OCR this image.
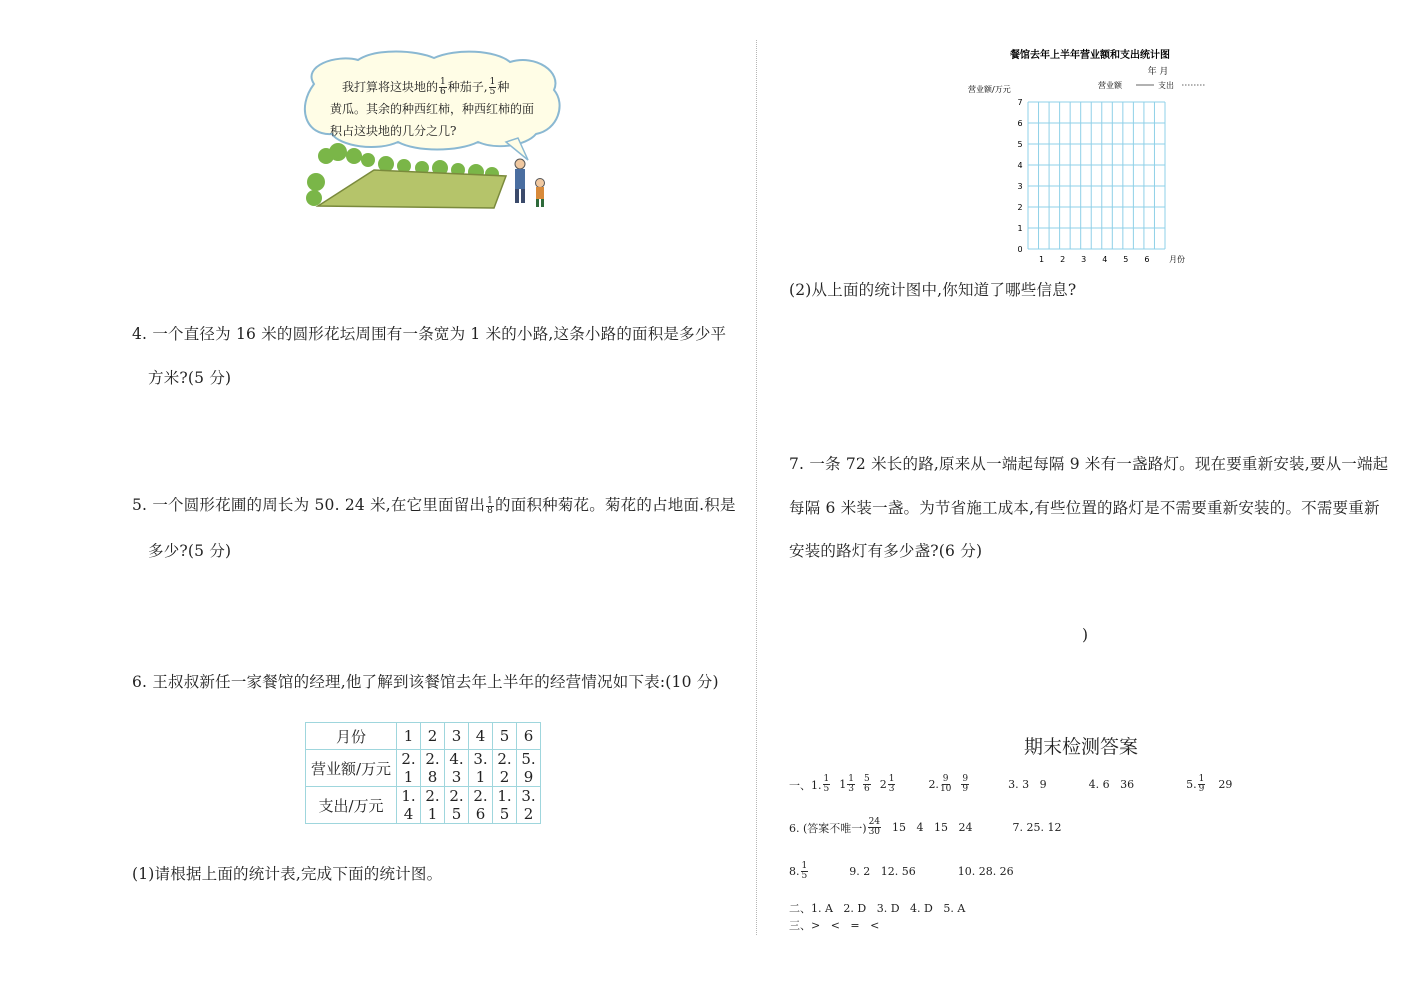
我打算将这块地的 $\frac{1}{6}$ 种茄子, $\frac{1}{5}$ 种
黄瓜。其余的种西红柿，种西红柿的面
积占这块地的几分之几?
4. 一个直径为 16 米的圆形花坛周围有一条宽为 1 米的小路,这条小路的面积是多少平
方米?(5 分)
5. 一个圆形花圃的周长为 50. 24 米,在它里面留出 $\frac{1}{8}$ 的面积种菊花。菊花的占地面.积是
多少?(5 分)
6. 王叔叔新任一家餐馆的经理,他了解到该餐馆去年上半年的经营情况如下表:(10 分)
月份	1	2	3	4	5	6
营业额/万元	2. 1	2. 8	4. 3	3. 1	2. 2	5. 9
支出/万元	1. 4	2. 1	2. 5	2. 6	1. 5	3. 2
(1)请根据上面的统计表,完成下面的统计图。
餐馆去年上半年营业额和支出统计图
年 月
营业额/万元	营业额	支出
0
1
2
3
4
5
6
7
1 2 3 4 5 6 月份
(2)从上面的统计图中,你知道了哪些信息?
7. 一条 72 米长的路,原来从一端起每隔 9 米有一盏路灯。现在要重新安装,要从一端起
每隔 6 米装一盏。为节省施工成本,有些位置的路灯是不需要重新安装的。不需要重新
安装的路灯有多少盏?(6 分)
)
期末检测答案
一、1. $\frac{1}{5} 1 \frac{1}{3} \frac{5}{6} 2 \frac{1}{3}$	2. $\frac{9}{10} \frac{9}{9}$	3. 3   9	4. 6   36	5. $\frac{1}{9} 29$
6. (答案不唯一) $\frac{24}{30} 15$   4   15   24	7. 25. 12
8. $\frac{1}{5}$	9. 2   12. 56	10. 28. 26
二、1. A   2. D   3. D   4. D   5. A
三、>   <   =   <
